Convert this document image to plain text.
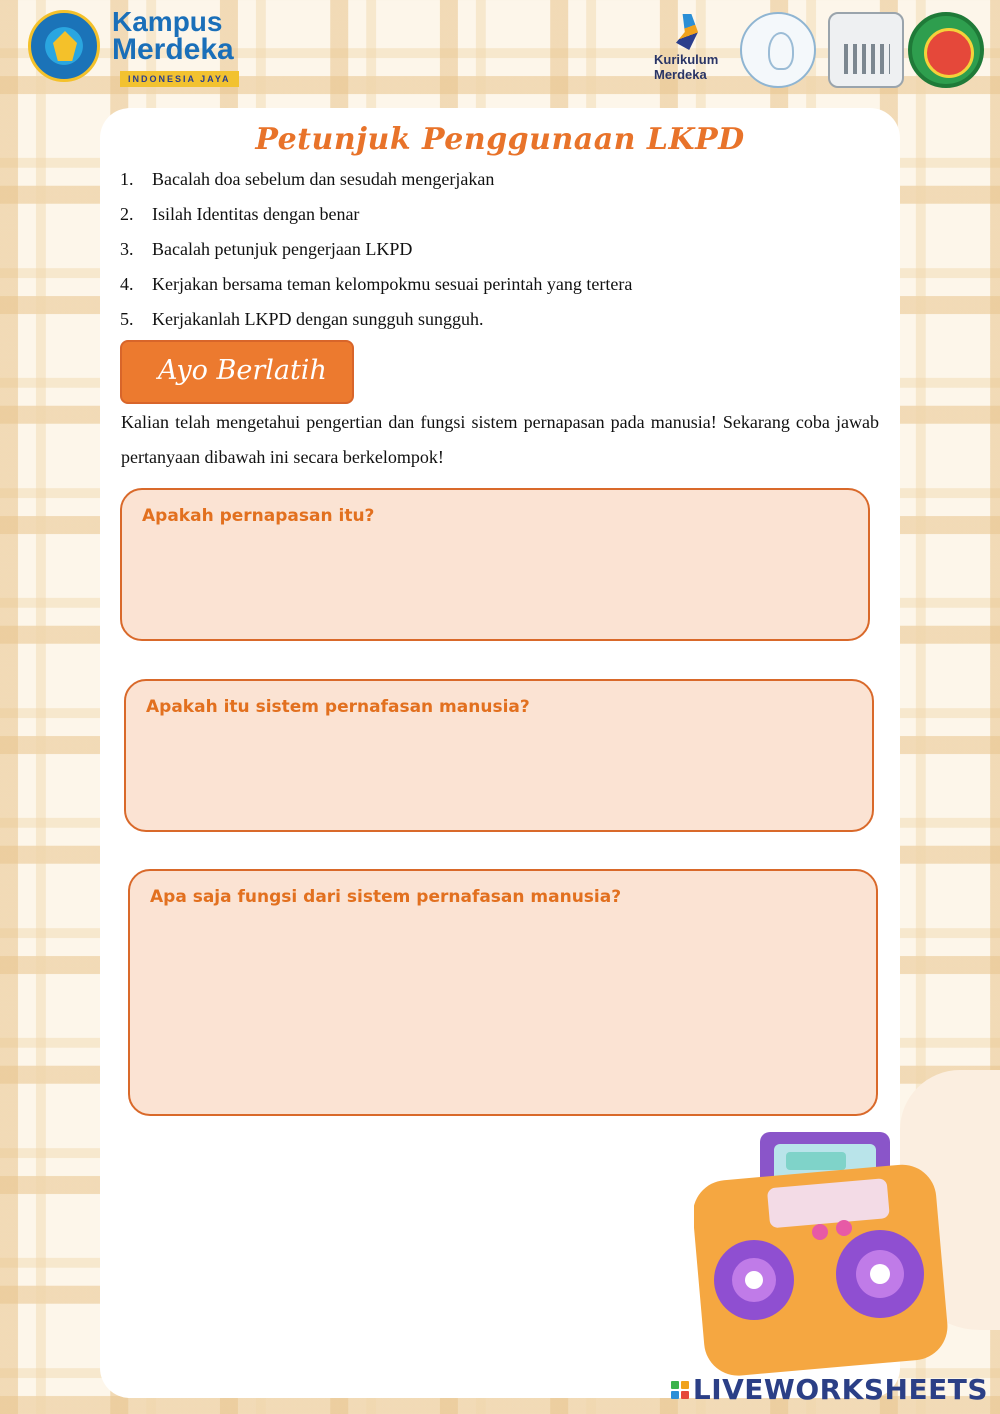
Kampus
Merdeka
INDONESIA JAYA
Kurikulum
Merdeka
Petunjuk Penggunaan LKPD
1.	Bacalah doa sebelum dan sesudah mengerjakan
2.	Isilah Identitas dengan benar
3.	Bacalah petunjuk pengerjaan LKPD
4.	Kerjakan bersama teman kelompokmu sesuai perintah yang tertera
5.	Kerjakanlah LKPD dengan sungguh sungguh.
Ayo Berlatih

Kalian telah mengetahui pengertian dan fungsi sistem pernapasan pada manusia! Sekarang coba jawab pertanyaan dibawah ini secara berkelompok!

Apakah pernapasan itu?
Apakah itu sistem pernafasan manusia?
Apa saja fungsi dari sistem pernafasan manusia?
LIVEWORKSHEETS
